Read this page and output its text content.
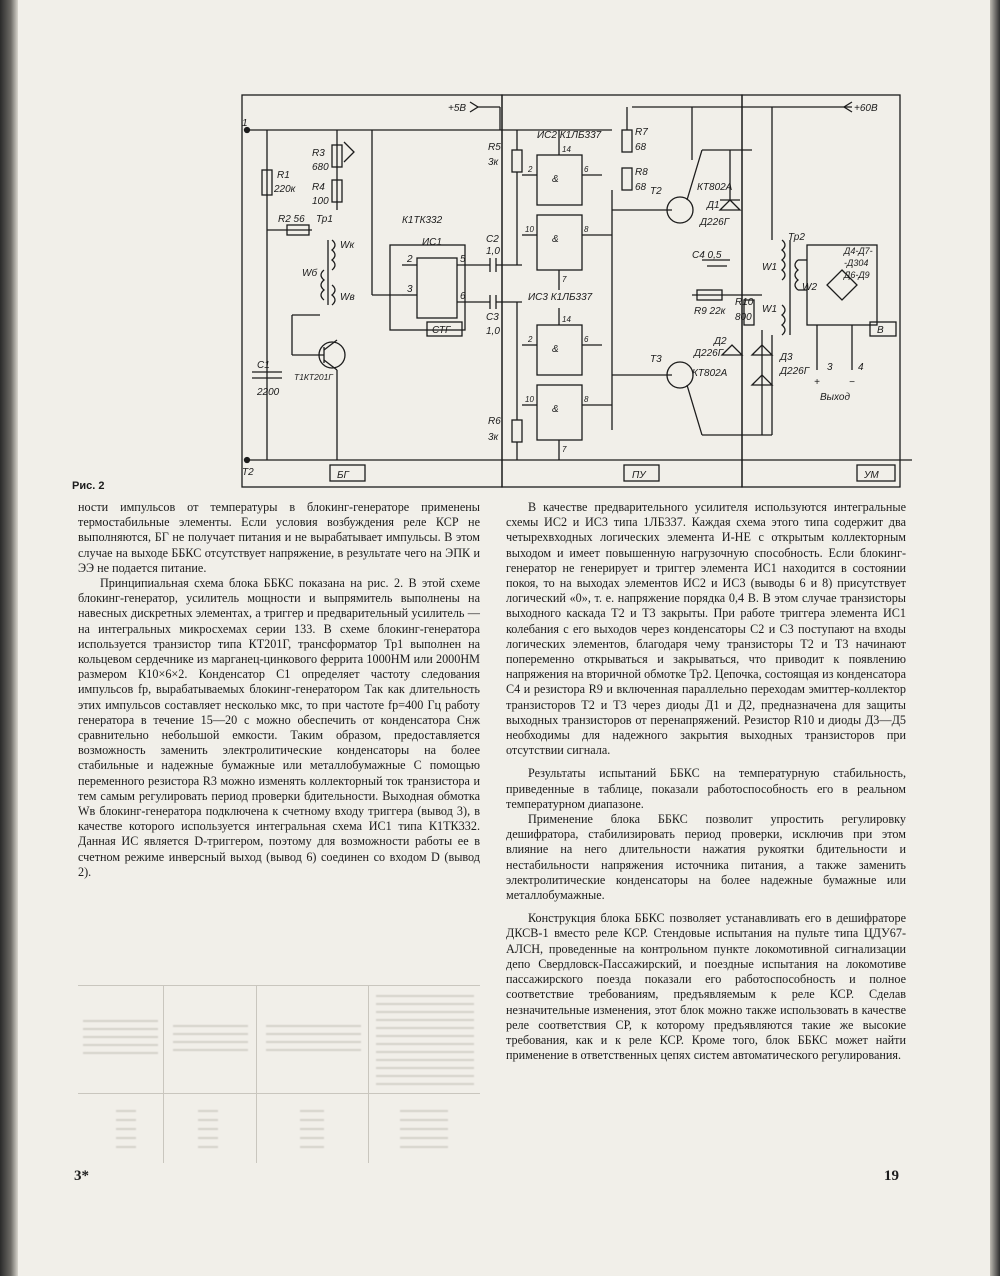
+5В	+60В
1
Т2
R1
220к
R3
680
R4
100
R2 56 Тр1
Wк
Wб
Wв
C1
2200
Т1КТ201Г
БГ
К1ТК332
ИС1
СТГ
2
3
5
6
C2
1,0
C3
1,0
R5
3к
R6
3к
ИС2 К1ЛБ337
ИС3 К1ЛБ337
&
&
&
&
14
14
7
7
6
8
6
8
2
10
2
10
ПУ
R7
68
R8
68 Т2	КТ802А
Д1
Д226Г
C4 0,5
R9 22к
R10
800
Д2
Д226Г
Т3
КТ802А
Д3
Д226Г
Тр2
W1
W2
W1
Д4-Д7-
-Д304
Д6-Д9
В
3	4
+	−
Выход
УМ
Рис. 2

ности импульсов от температуры в блокинг-генераторе применены термостабильные элементы. Если условия возбуждения реле КСР не выполняются, БГ не получает питания и не вырабатывает импульсы. В этом случае на выходе ББКС отсутствует напряжение, в результате чего на ЭПК и ЭЭ не подается питание.

Принципиальная схема блока ББКС показана на рис. 2. В этой схеме блокинг-генератор, усилитель мощности и выпрямитель выполнены на навесных дискретных элементах, а триггер и предварительный усилитель — на интегральных микросхемах серии 133. В схеме блокинг-генератора используется транзистор типа КТ201Г, трансформатор Тр1 выполнен на кольцевом сердечнике из марганец-цинкового феррита 1000НМ или 2000НМ размером К10×6×2. Конденсатор С1 определяет частоту следования импульсов fр, вырабатываемых блокинг-генератором Так как длительность этих импульсов составляет несколько мкс, то при частоте fр=400 Гц работу генератора в течение 15—20 с можно обеспечить от конденсатора Снж сравнительно небольшой емкости. Таким образом, предоставляется возможность заменить электролитические конденсаторы на более стабильные и надежные бумажные или металлобумажные С помощью переменного резистора R3 можно изменять коллекторный ток транзистора и тем самым регулировать период проверки бдительности. Выходная обмотка Wв блокинг-генератора подключена к счетному входу триггера (вывод 3), в качестве которого используется интегральная схема ИС1 типа К1ТК332. Данная ИС является D-триггером, поэтому для возможности работы ее в счетном режиме инверсный выход (вывод 6) соединен со входом D (вывод 2).

В качестве предварительного усилителя используются интегральные схемы ИС2 и ИС3 типа 1ЛБ337. Каждая схема этого типа содержит два четырехвходных логических элемента И-НЕ с открытым коллекторным выходом и имеет повышенную нагрузочную способность. Если блокинг-генератор не генерирует и триггер элемента ИС1 находится в состоянии покоя, то на выходах элементов ИС2 и ИС3 (выводы 6 и 8) присутствует логический «0», т. е. напряжение порядка 0,4 В. В этом случае транзисторы выходного каскада Т2 и Т3 закрыты. При работе триггера элемента ИС1 колебания с его выходов через конденсаторы С2 и С3 поступают на входы логических элементов, благодаря чему транзисторы Т2 и Т3 начинают попеременно открываться и закрываться, что приводит к появлению напряжения на вторичной обмотке Тр2. Цепочка, состоящая из конденсатора С4 и резистора R9 и включенная параллельно переходам эмиттер-коллектор транзисторов Т2 и Т3 через диоды Д1 и Д2, предназначена для защиты выходных транзисторов от перенапряжений. Резистор R10 и диоды Д3—Д5 необходимы для надежного закрытия выходных транзисторов при отсутствии сигнала.

Результаты испытаний ББКС на температурную стабильность, приведенные в таблице, показали работоспособность его в реальном температурном диапазоне.

Применение блока ББКС позволит упростить регулировку дешифратора, стабилизировать период проверки, исключив при этом влияние на него длительности нажатия рукоятки бдительности и нестабильности напряжения источника питания, а также заменить электролитические конденсаторы на более надежные бумажные или металлобумажные.

Конструкция блока ББКС позволяет устанавливать его в дешифраторе ДКСВ-1 вместо реле КСР. Стендовые испытания на пульте типа ЦДУ67-АЛСН, проведенные на контрольном пункте локомотивной сигнализации депо Свердловск-Пассажирский, и поездные испытания на локомотиве пассажирского поезда показали его работоспособность и полное соответствие требованиям, предъявляемым к реле КСР. Сделав незначительные изменения, этот блок можно также использовать в качестве реле соответствия СР, к которому предъявляются такие же высокие требования, как и к реле КСР. Кроме того, блок ББКС может найти применение в ответственных цепях систем автоматического регулирования.

3*	19
